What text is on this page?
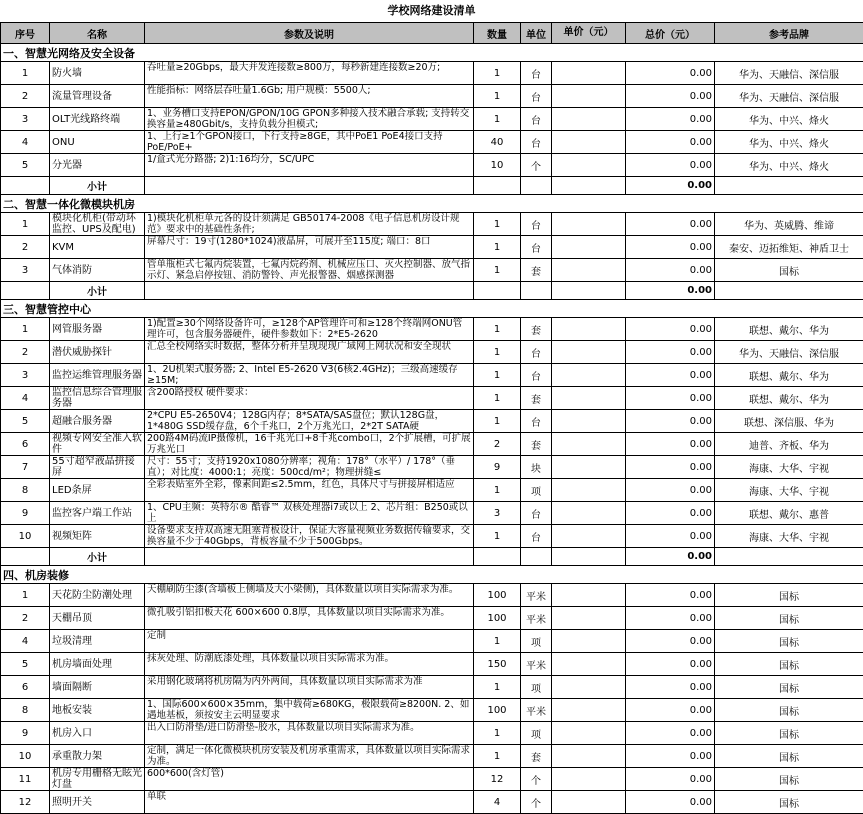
学校网络建设清单
序号	名称	参数及说明	数量	单位	单价（元）	总价（元）	参考品牌
一、智慧光网络及安全设备							
1	防火墙	吞吐量≥20Gbps，最大并发连接数≥800万，每秒新建连接数≥20万;	1	台		0.00	华为、天融信、深信服
2	流量管理设备	性能指标：网络层吞吐量1.6Gb; 用户规模：5500人;	1	台		0.00	华为、天融信、深信服
3	OLT光线路终端	1、业务槽口支持EPON/GPON/10G GPON多种接入技术融合承载; 支持转交换容量≥480Gbit/s，支持负载分担模式;	1	台		0.00	华为、中兴、烽火
4	ONU	1、上行≥1个GPON接口，下行支持≥8GE，其中PoE1 PoE4接口支持 PoE/PoE+	40	台		0.00	华为、中兴、烽火
5	分光器	1/盒式光分路器; 2)1:16均分，SC/UPC	10	个		0.00	华为、中兴、烽火
	小计					0.00	
二、智慧一体化微模块机房							
1	模块化机柜(带动环监控、UPS及配电)	1)模块化机柜单元各的设计须满足 GB50174-2008《电子信息机房设计规范》要求中的基础性条件;	1	台		0.00	华为、英威腾、维谛
2	KVM	屏幕尺寸：19寸(1280*1024)液晶屏，可展开至115度; 端口：8口	1	台		0.00	秦安、迈拓维矩、神盾卫士
3	气体消防	管单瓶柜式七氟丙烷装置，七氟丙烷药剂、机械应压口、灭火控制器、放气指示灯、紧急启停按钮、消防警铃、声光报警器、烟感探测器	1	套		0.00	国标
	小计					0.00	
三、智慧管控中心							
1	网管服务器	1)配置≥30个网络设备许可，≥128个AP管理许可和≥128个终端网ONU管理许可，包含服务器硬件，硬件参数如下：2*E5-2620	1	套		0.00	联想、戴尔、华为
2	潜伏威胁探针	汇总全校网络实时数据，整体分析并呈现现现广域网上网状况和安全现状	1	台		0.00	华为、天融信、深信服
3	监控运维管理服务器	1、2U机架式服务器; 2、Intel E5-2620 V3(6核2.4GHz)；三级高速缓存≥15M;	1	台		0.00	联想、戴尔、华为
4	监控信息综合管理服务器	含200路授权 硬件要求：	1	套		0.00	联想、戴尔、华为
5	超融合服务器	2*CPU E5-2650V4；128G内存；8*SATA/SAS盘位；默认128G盘，1*480G SSD缓存盘，6个千兆口，2个万兆光口，2*2T SATA硬	1	台		0.00	联想、深信服、华为
6	视频专网安全准入软件	200路4M码流IP摄像机，16千兆光口+8千兆combo口，2个扩展槽，可扩展万兆光口	2	套		0.00	迪普、齐板、华为
7	55寸超窄液晶拼接屏	尺寸：55寸；支持1920x1080分辨率；视角：178°（水平）/ 178°（垂直）；对比度：4000:1；亮度：500cd/m²；物理拼缝≤	9	块		0.00	海康、大华、宇视
8	LED条屏	全彩表贴室外全彩，像素间距≤2.5mm，红色，具体尺寸与拼接屏相适应	1	项		0.00	海康、大华、宇视
9	监控客户端工作站	1、CPU主频：英特尔® 酷睿™ 双核处理器i7或以上 2、芯片组：B250或以上	3	台		0.00	联想、戴尔、惠普
10	视频矩阵	设备要求支持双高速无阻塞背板设计，保证大容量视频业务数据传输要求，交换容量不少于40Gbps，背板容量不少于500Gbps。	1	台		0.00	海康、大华、宇视
	小计					0.00	
四、机房装修							
1	天花防尘防潮处理	天棚刷防尘漆(含墙板上侧墙及大小梁侧)，具体数量以项目实际需求为准。	100	平米		0.00	国标
2	天棚吊顶	微孔吸引铝扣板天花 600×600 0.8厚，具体数量以项目实际需求为准。	100	平米		0.00	国标
4	垃圾清理	定制	1	项		0.00	国标
5	机房墙面处理	抹灰处理、防潮底漆处理，具体数量以项目实际需求为准。	150	平米		0.00	国标
6	墙面隔断	采用钢化玻璃将机房隔为内外两间，具体数量以项目实际需求为准	1	项		0.00	国标
8	地板安装	1、国际600×600×35mm，集中载荷≥680KG，极限载荷≥8200N. 2、如遇地基板，须按安主云明显要求	100	平米		0.00	国标
9	机房入口	出入口防滑垫/进口防滑垫-胶水，具体数量以项目实际需求为准。	1	项		0.00	国标
10	承重散力架	定制，满足一体化微模块机房安装及机房承重需求，具体数量以项目实际需求为准。	1	套		0.00	国标
11	机房专用栅格无眩光灯盘	600*600(含灯管)	12	个		0.00	国标
12	照明开关	单联	4	个		0.00	国标
